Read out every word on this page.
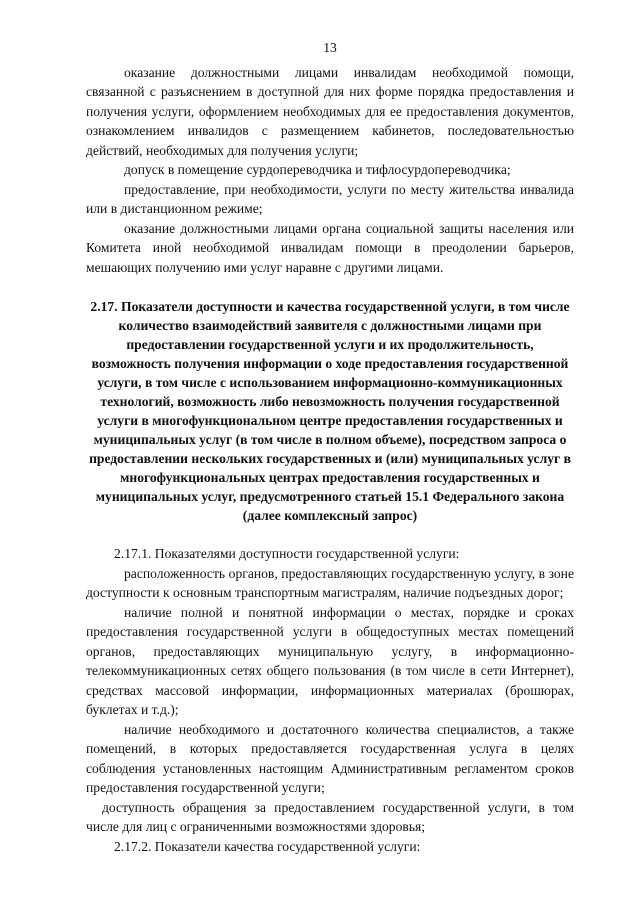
13

оказание должностными лицами инвалидам необходимой помощи, связанной с разъяснением в доступной для них форме порядка предоставления и получения услуги, оформлением необходимых для ее предоставления документов, ознакомлением инвалидов с размещением кабинетов, последовательностью действий, необходимых для получения услуги;

допуск в помещение сурдопереводчика и тифлосурдопереводчика;

предоставление, при необходимости, услуги по месту жительства инвалида или в дистанционном режиме;

оказание должностными лицами органа социальной защиты населения или Комитета иной необходимой инвалидам помощи в преодолении барьеров, мешающих получению ими услуг наравне с другими лицами.

2.17. Показатели доступности и качества государственной услуги, в том числе количество взаимодействий заявителя с должностными лицами при предоставлении государственной услуги и их продолжительность, возможность получения информации о ходе предоставления государственной услуги, в том числе с использованием информационно-коммуникационных технологий, возможность либо невозможность получения государственной услуги в многофункциональном центре предоставления государственных и муниципальных услуг (в том числе в полном объеме), посредством запроса о предоставлении нескольких государственных и (или) муниципальных услуг в многофункциональных центрах предоставления государственных и муниципальных услуг, предусмотренного статьей 15.1 Федерального закона (далее комплексный запрос)

2.17.1. Показателями доступности государственной услуги:

расположенность органов, предоставляющих государственную услугу, в зоне доступности к основным транспортным магистралям, наличие подъездных дорог;

наличие полной и понятной информации о местах, порядке и сроках предоставления государственной услуги в общедоступных местах помещений органов, предоставляющих муниципальную услугу, в информационно-телекоммуникационных сетях общего пользования (в том числе в сети Интернет), средствах массовой информации, информационных материалах (брошюрах, буклетах и т.д.);

наличие необходимого и достаточного количества специалистов, а также помещений, в которых предоставляется государственная услуга в целях соблюдения установленных настоящим Административным регламентом сроков предоставления государственной услуги;

доступность обращения за предоставлением государственной услуги, в том числе для лиц с ограниченными возможностями здоровья;

2.17.2. Показатели качества государственной услуги:
